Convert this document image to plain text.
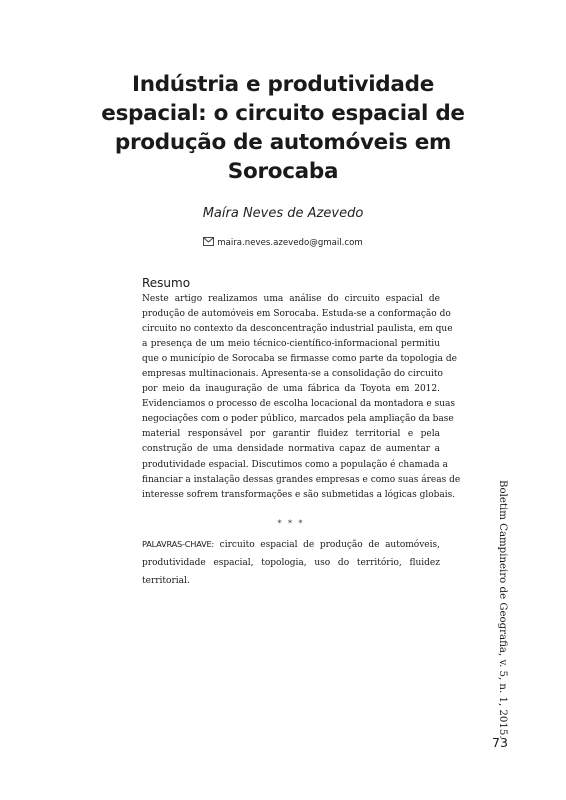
Indústria e produtividade
espacial: o circuito espacial de
produção de automóveis em
Sorocaba
Maíra Neves de Azevedo
maira.neves.azevedo@gmail.com
Resumo
Neste artigo realizamos uma análise do circuito espacial de
produção de automóveis em Sorocaba. Estuda-se a conformação do
circuito no contexto da desconcentração industrial paulista, em que
a presença de um meio técnico-científico-informacional permitiu
que o município de Sorocaba se firmasse como parte da topologia de
empresas multinacionais. Apresenta-se a consolidação do circuito
por meio da inauguração de uma fábrica da Toyota em 2012.
Evidenciamos o processo de escolha locacional da montadora e suas
negociações com o poder público, marcados pela ampliação da base
material responsável por garantir fluidez territorial e pela
construção de uma densidade normativa capaz de aumentar a
produtividade espacial. Discutimos como a população é chamada a
financiar a instalação dessas grandes empresas e como suas áreas de
interesse sofrem transformações e são submetidas a lógicas globais.
* * *
PALAVRAS-CHAVE: circuito espacial de produção de automóveis,
produtividade espacial, topologia, uso do território, fluidez
territorial.	Boletim Campineiro de Geografia, v. 5, n. 1, 2015.
73
